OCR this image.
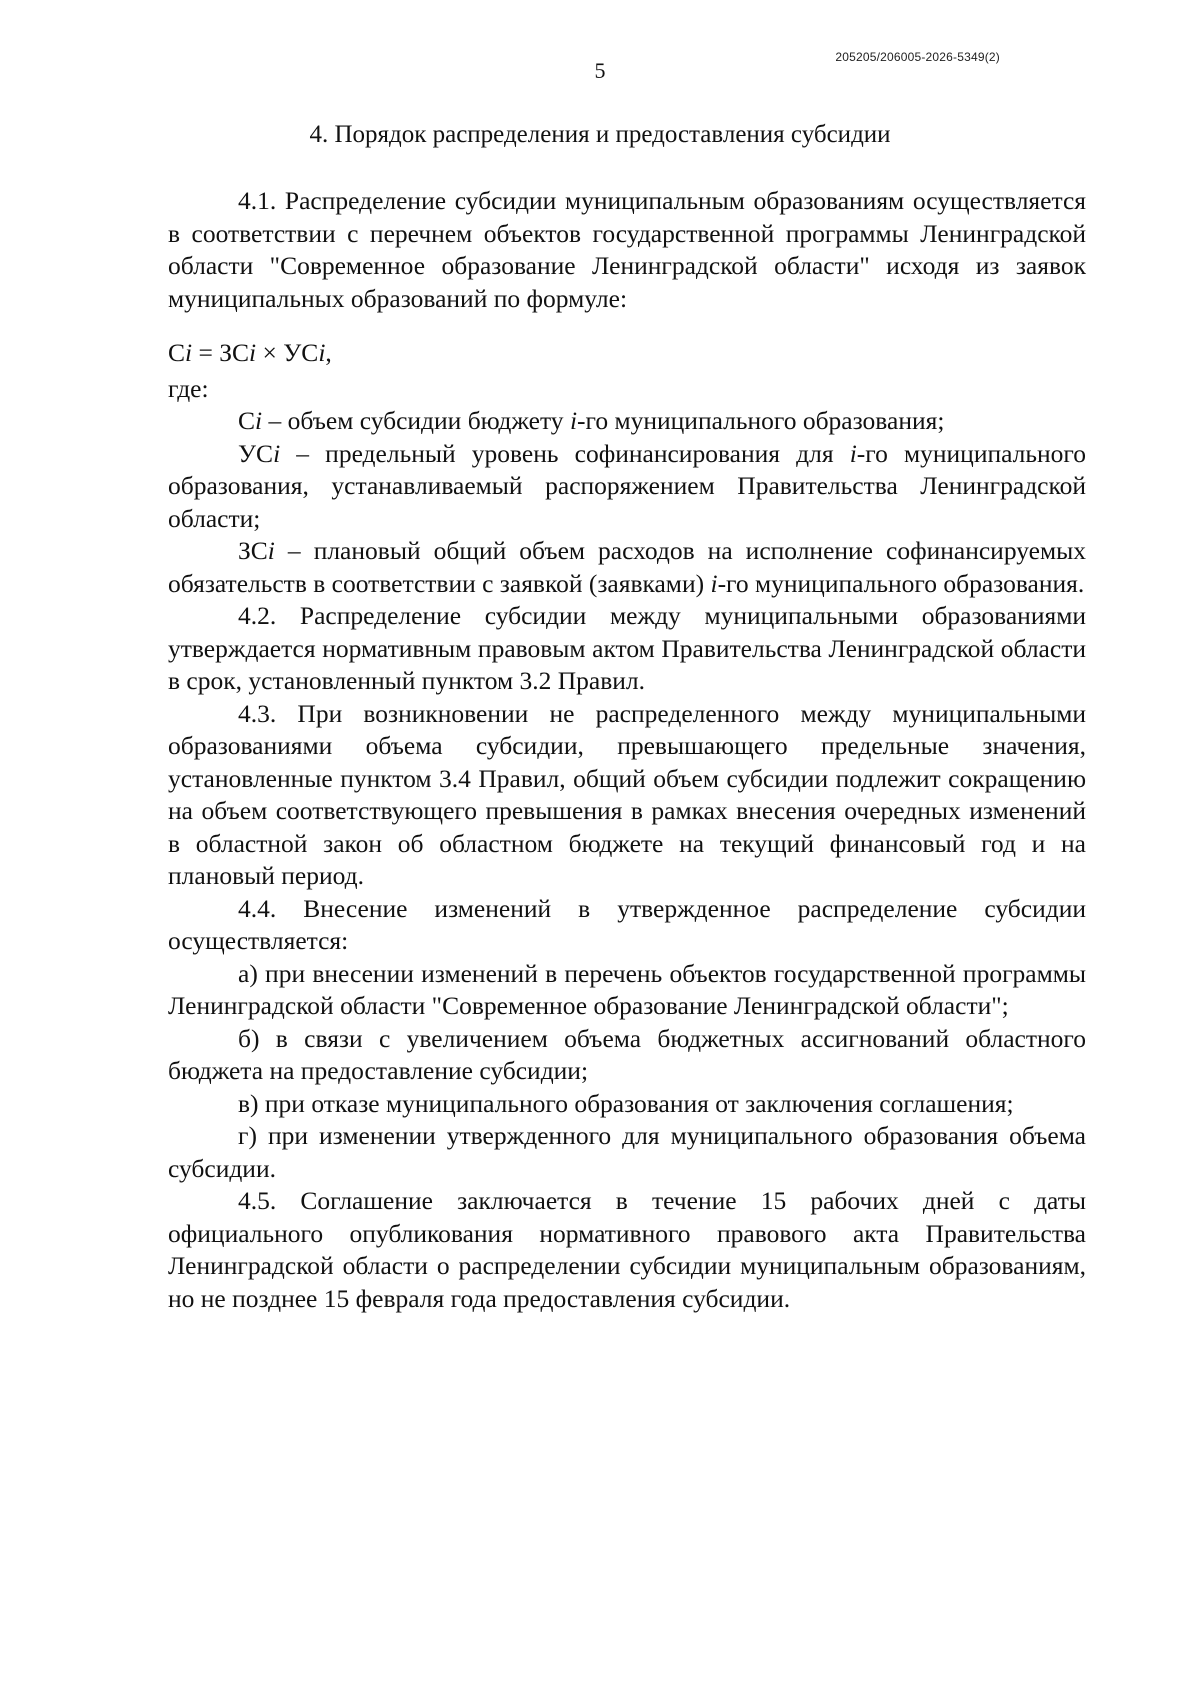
205205/206005-2026-5349(2)
5
4. Порядок распределения и предоставления субсидии

4.1. Распределение субсидии муниципальным образованиям осуществляется в соответствии с перечнем объектов государственной программы Ленинградской области "Современное образование Ленинградской области" исходя из заявок муниципальных образований по формуле:

Сi = ЗСi × УСi,

где:

Сi – объем субсидии бюджету i-го муниципального образования;

УСi – предельный уровень софинансирования для i-го муниципального образования, устанавливаемый распоряжением Правительства Ленинградской области;

ЗСi – плановый общий объем расходов на исполнение софинансируемых обязательств в соответствии с заявкой (заявками) i-го муниципального образования.

4.2. Распределение субсидии между муниципальными образованиями утверждается нормативным правовым актом Правительства Ленинградской области в срок, установленный пунктом 3.2 Правил.

4.3. При возникновении не распределенного между муниципальными образованиями объема субсидии, превышающего предельные значения, установленные пунктом 3.4 Правил, общий объем субсидии подлежит сокращению на объем соответствующего превышения в рамках внесения очередных изменений в областной закон об областном бюджете на текущий финансовый год и на плановый период.

4.4. Внесение изменений в утвержденное распределение субсидии осуществляется:

а) при внесении изменений в перечень объектов государственной программы Ленинградской области "Современное образование Ленинградской области";

б) в связи с увеличением объема бюджетных ассигнований областного бюджета на предоставление субсидии;

в) при отказе муниципального образования от заключения соглашения;

г) при изменении утвержденного для муниципального образования объема субсидии.

4.5. Соглашение заключается в течение 15 рабочих дней с даты официального опубликования нормативного правового акта Правительства Ленинградской области о распределении субсидии муниципальным образованиям, но не позднее 15 февраля года предоставления субсидии.
